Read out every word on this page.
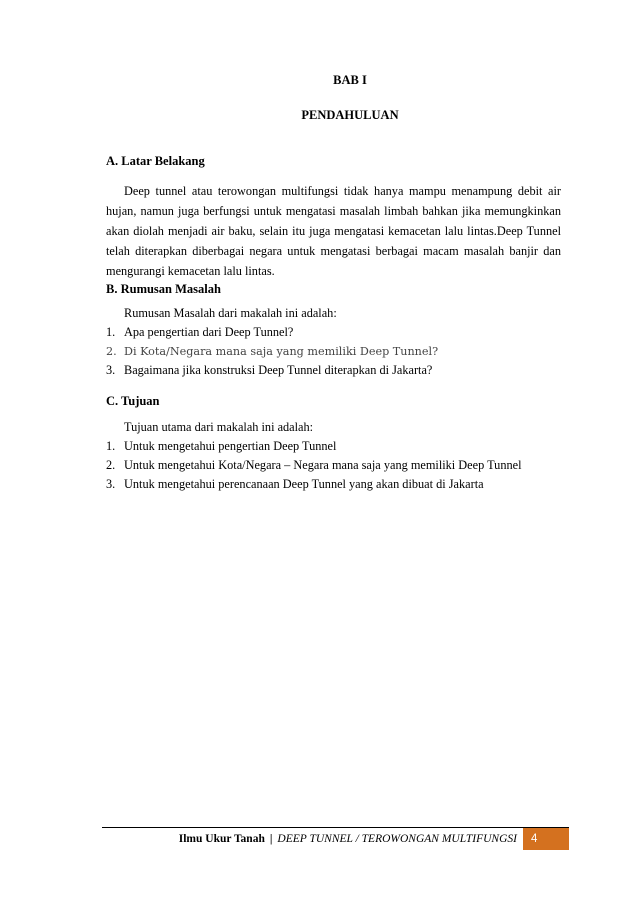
BAB I
PENDAHULUAN
A. Latar Belakang
Deep tunnel atau terowongan multifungsi tidak hanya mampu menampung debit air hujan, namun juga berfungsi untuk mengatasi masalah limbah bahkan jika memungkinkan akan diolah menjadi air baku, selain itu juga mengatasi kemacetan lalu lintas.Deep Tunnel telah diterapkan diberbagai negara untuk mengatasi berbagai macam masalah banjir dan mengurangi kemacetan lalu lintas.
B. Rumusan Masalah
Rumusan Masalah dari makalah ini adalah:
1. Apa pengertian dari Deep Tunnel?
2. Di Kota/Negara mana saja yang memiliki Deep Tunnel?
3. Bagaimana jika konstruksi Deep Tunnel diterapkan di Jakarta?
C. Tujuan
Tujuan utama dari makalah ini adalah:
1. Untuk mengetahui pengertian Deep Tunnel
2. Untuk mengetahui Kota/Negara – Negara mana saja yang memiliki Deep Tunnel
3. Untuk mengetahui perencanaan Deep Tunnel yang akan dibuat di Jakarta
Ilmu Ukur Tanah | DEEP TUNNEL / TEROWONGAN MULTIFUNGSI	4
